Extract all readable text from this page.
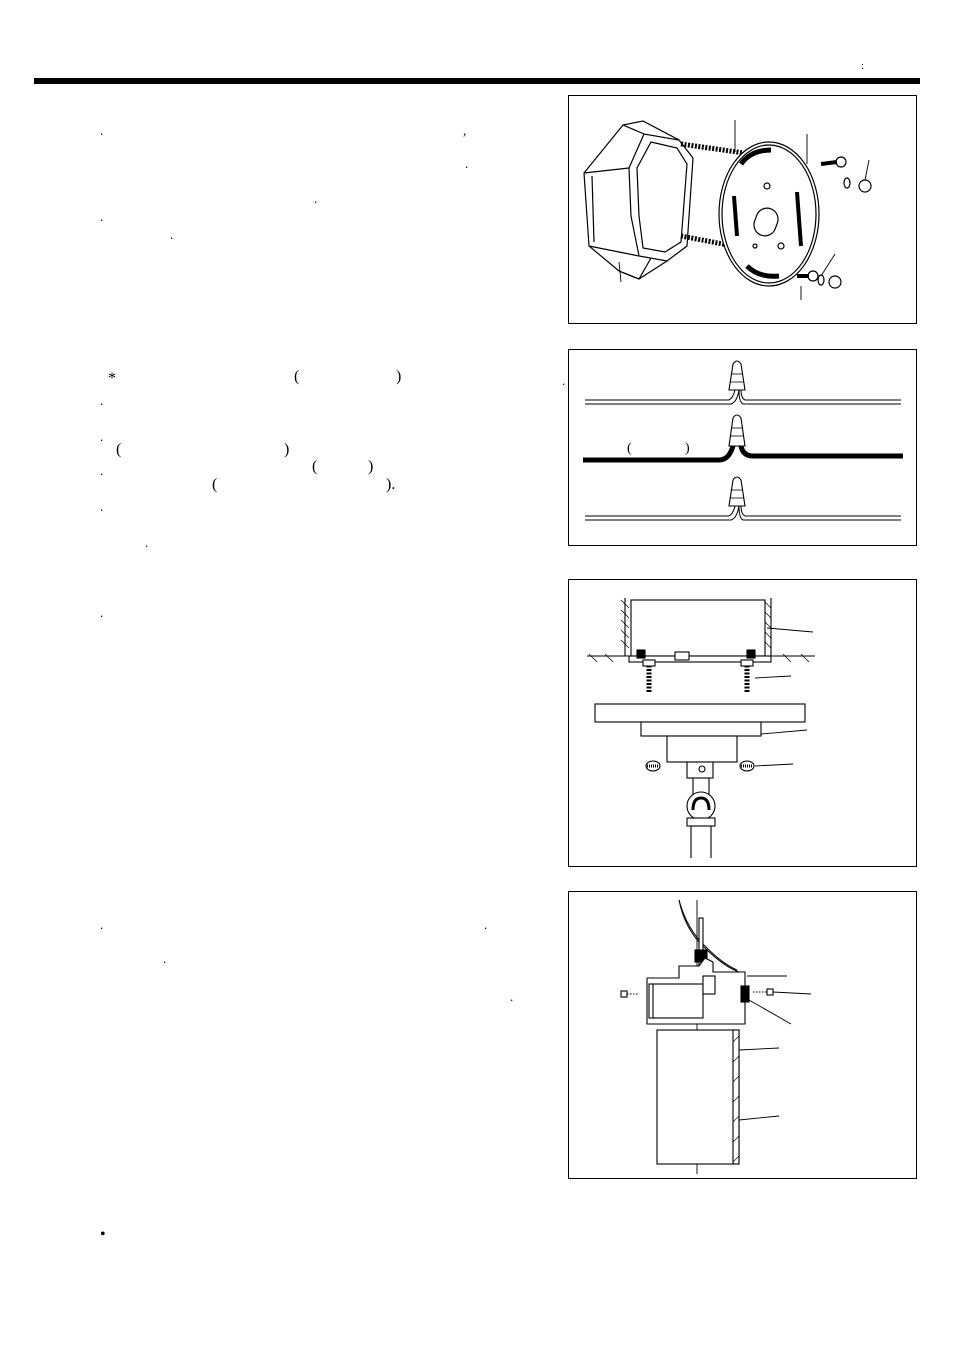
:
.	,
.
.
.
.
*	(	)	.
.
.
(	)
.	(	)
(	).
.
.
.
.	.
.
.
•
(	)
